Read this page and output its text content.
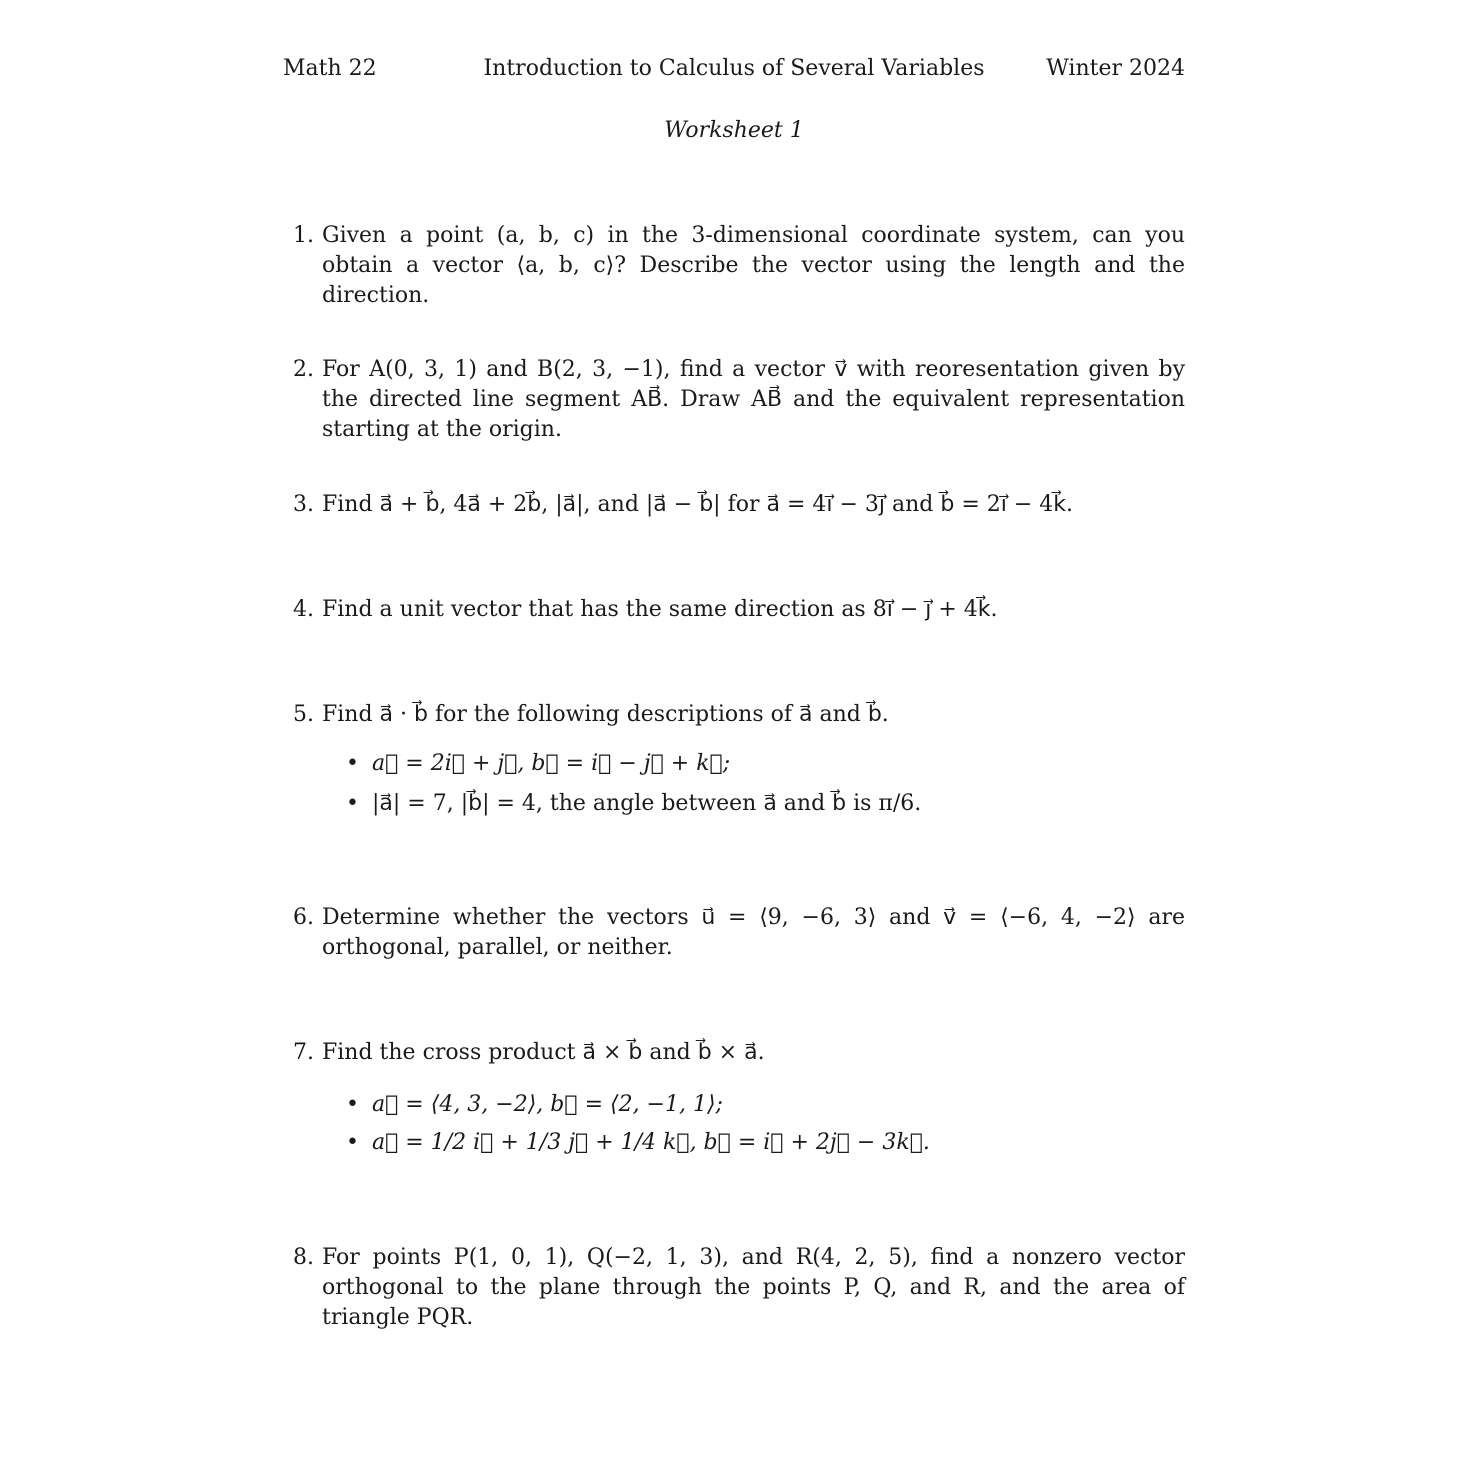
Math 22	Introduction to Calculus of Several Variables	Winter 2024
Worksheet 1
1. Given a point (a, b, c) in the 3-dimensional coordinate system, can you obtain a vector ⟨a, b, c⟩? Describe the vector using the length and the direction.
2. For A(0, 3, 1) and B(2, 3, −1), find a vector v⃗ with reoresentation given by the directed line segment AB⃗. Draw AB⃗ and the equivalent representation starting at the origin.
3. Find a⃗ + b⃗, 4a⃗ + 2b⃗, |a⃗|, and |a⃗ − b⃗| for a⃗ = 4i⃗ − 3j⃗ and b⃗ = 2i⃗ − 4k⃗.
4. Find a unit vector that has the same direction as 8i⃗ − j⃗ + 4k⃗.
5. Find a⃗ · b⃗ for the following descriptions of a⃗ and b⃗.
• a⃗ = 2i⃗ + j⃗, b⃗ = i⃗ − j⃗ + k⃗;
• |a⃗| = 7, |b⃗| = 4, the angle between a⃗ and b⃗ is π/6.
6. Determine whether the vectors u⃗ = ⟨9, −6, 3⟩ and v⃗ = ⟨−6, 4, −2⟩ are orthogonal, parallel, or neither.
7. Find the cross product a⃗ × b⃗ and b⃗ × a⃗.
• a⃗ = ⟨4, 3, −2⟩, b⃗ = ⟨2, −1, 1⟩;
• a⃗ = 1/2 i⃗ + 1/3 j⃗ + 1/4 k⃗, b⃗ = i⃗ + 2j⃗ − 3k⃗.
8. For points P(1, 0, 1), Q(−2, 1, 3), and R(4, 2, 5), find a nonzero vector orthogonal to the plane through the points P, Q, and R, and the area of triangle PQR.
